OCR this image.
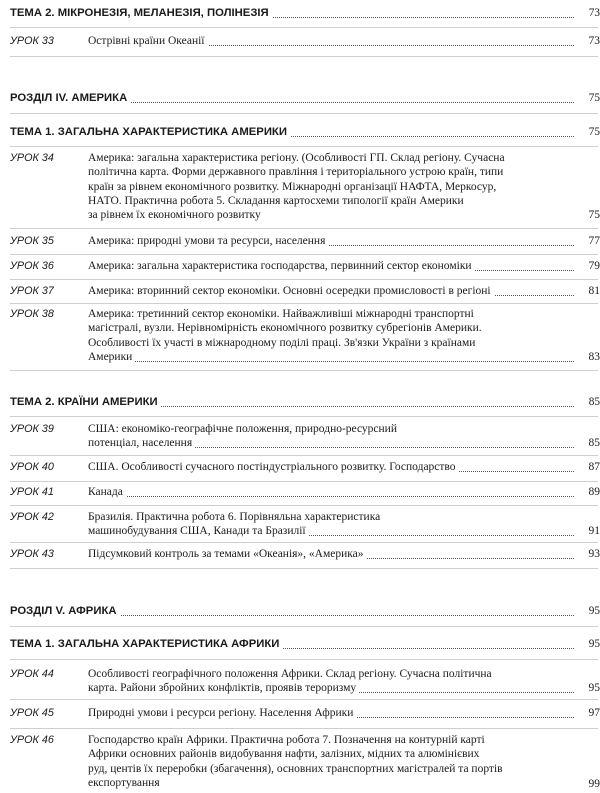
ТЕМА 2. МІКРОНЕЗІЯ, МЕЛАНЕЗІЯ, ПОЛІНЕЗІЯ	73
УРОК 33	Острівні країни Океанії	73
РОЗДІЛ IV. АМЕРИКА	75
ТЕМА 1. ЗАГАЛЬНА ХАРАКТЕРИСТИКА АМЕРИКИ	75
УРОК 34	Америка: загальна характеристика регіону. (Особливості ГП. Склад регіону. Сучасна
політична карта. Форми державного правління і територіального устрою країн, типи
країн за рівнем економічного розвитку. Міжнародні організації НАФТА, Меркосур,
НАТО. Практична робота 5. Складання картосхеми типології країн Америки
за рівнем їх економічного розвитку	75
УРОК 35	Америка: природні умови та ресурси, населення	77
УРОК 36	Америка: загальна характеристика господарства, первинний сектор економіки	79
УРОК 37	Америка: вторинний сектор економіки. Основні осередки промисловості в регіоні	81
УРОК 38	Америка: третинний сектор економіки. Найважливіші міжнародні транспортні
магістралі, вузли. Нерівномірність економічного розвитку субрегіонів Америки.
Особливості їх участі в міжнародному поділі праці. Зв'язки України з країнами
Америки	83
ТЕМА 2. КРАЇНИ АМЕРИКИ	85
УРОК 39	США: економіко-географічне положення, природно-ресурсний
потенціал, населення	85
УРОК 40	США. Особливості сучасного постіндустріального розвитку. Господарство	87
УРОК 41	Канада	89
УРОК 42	Бразилія. Практична робота 6. Порівняльна характеристика
машинобудування США, Канади та Бразилії	91
УРОК 43	Підсумковий контроль за темами «Океанія», «Америка»	93
РОЗДІЛ V. АФРИКА	95
ТЕМА 1. ЗАГАЛЬНА ХАРАКТЕРИСТИКА АФРИКИ	95
УРОК 44	Особливості географічного положення Африки. Склад регіону. Сучасна політична
карта. Райони збройних конфліктів, проявів тероризму	95
УРОК 45	Природні умови і ресурси регіону. Населення Африки	97
УРОК 46	Господарство країн Африки. Практична робота 7. Позначення на контурній карті
Африки основних районів видобування нафти, залізних, мідних та алюмінієвих
руд, центів їх переробки (збагачення), основних транспортних магістралей та портів
експортування	99
